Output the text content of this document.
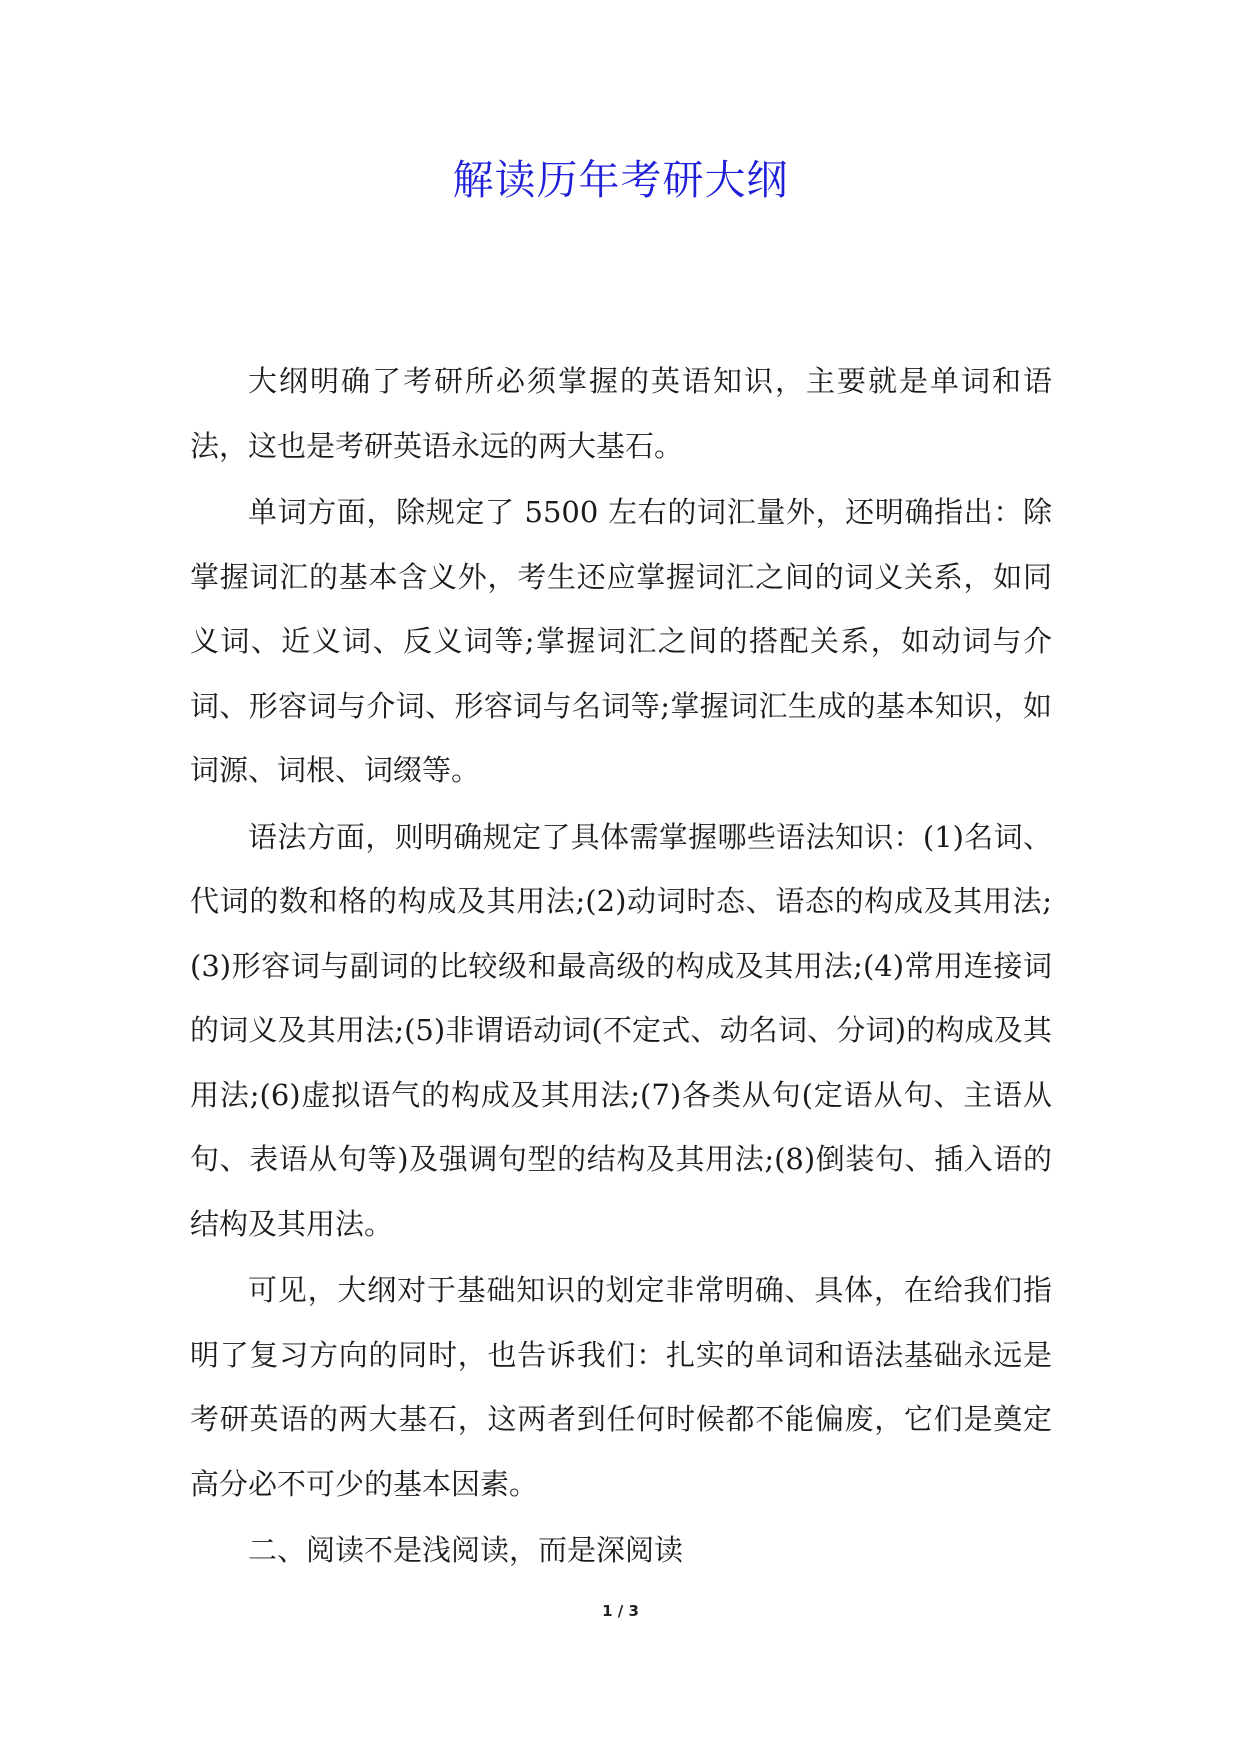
解读历年考研大纲

大纲明确了考研所必须掌握的英语知识，主要就是单词和语法，这也是考研英语永远的两大基石。

单词方面，除规定了 5500 左右的词汇量外，还明确指出：除掌握词汇的基本含义外，考生还应掌握词汇之间的词义关系，如同义词、近义词、反义词等;掌握词汇之间的搭配关系，如动词与介词、形容词与介词、形容词与名词等;掌握词汇生成的基本知识，如词源、词根、词缀等。

语法方面，则明确规定了具体需掌握哪些语法知识：(1)名词、代词的数和格的构成及其用法;(2)动词时态、语态的构成及其用法;(3)形容词与副词的比较级和最高级的构成及其用法;(4)常用连接词的词义及其用法;(5)非谓语动词(不定式、动名词、分词)的构成及其用法;(6)虚拟语气的构成及其用法;(7)各类从句(定语从句、主语从句、表语从句等)及强调句型的结构及其用法;(8)倒装句、插入语的结构及其用法。

可见，大纲对于基础知识的划定非常明确、具体，在给我们指明了复习方向的同时，也告诉我们：扎实的单词和语法基础永远是考研英语的两大基石，这两者到任何时候都不能偏废，它们是奠定高分必不可少的基本因素。

二、阅读不是浅阅读，而是深阅读

1 / 3
